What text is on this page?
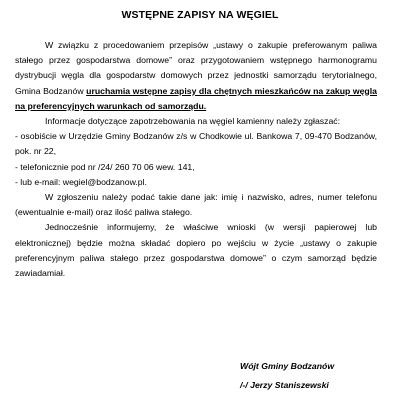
WSTĘPNE ZAPISY NA WĘGIEL

W związku z procedowaniem przepisów „ustawy o zakupie preferowanym paliwa stałego przez gospodarstwa domowe” oraz przygotowaniem wstępnego harmonogramu dystrybucji węgla dla gospodarstw domowych przez jednostki samorządu terytorialnego, Gmina Bodzanów uruchamia wstępne zapisy dla chętnych mieszkańców na zakup węgla na preferencyjnych warunkach od samorządu.

Informacje dotyczące zapotrzebowania na węgiel kamienny należy zgłaszać:

- osobiście w Urzędzie Gminy Bodzanów z/s w Chodkowie ul. Bankowa 7, 09-470 Bodzanów, pok. nr 22,

- telefonicznie pod nr /24/ 260 70 06 wew. 141,

- lub e-mail: wegiel@bodzanow.pl.

W zgłoszeniu należy podać takie dane jak: imię i nazwisko, adres, numer telefonu (ewentualnie e-mail) oraz ilość paliwa stałego.

Jednocześnie informujemy, że właściwe wnioski (w wersji papierowej lub elektronicznej) będzie można składać dopiero po wejściu w życie „ustawy o zakupie preferencyjnym paliwa stałego przez gospodarstwa domowe” o czym samorząd będzie zawiadamiał.

Wójt Gminy Bodzanów
/-/ Jerzy Staniszewski
